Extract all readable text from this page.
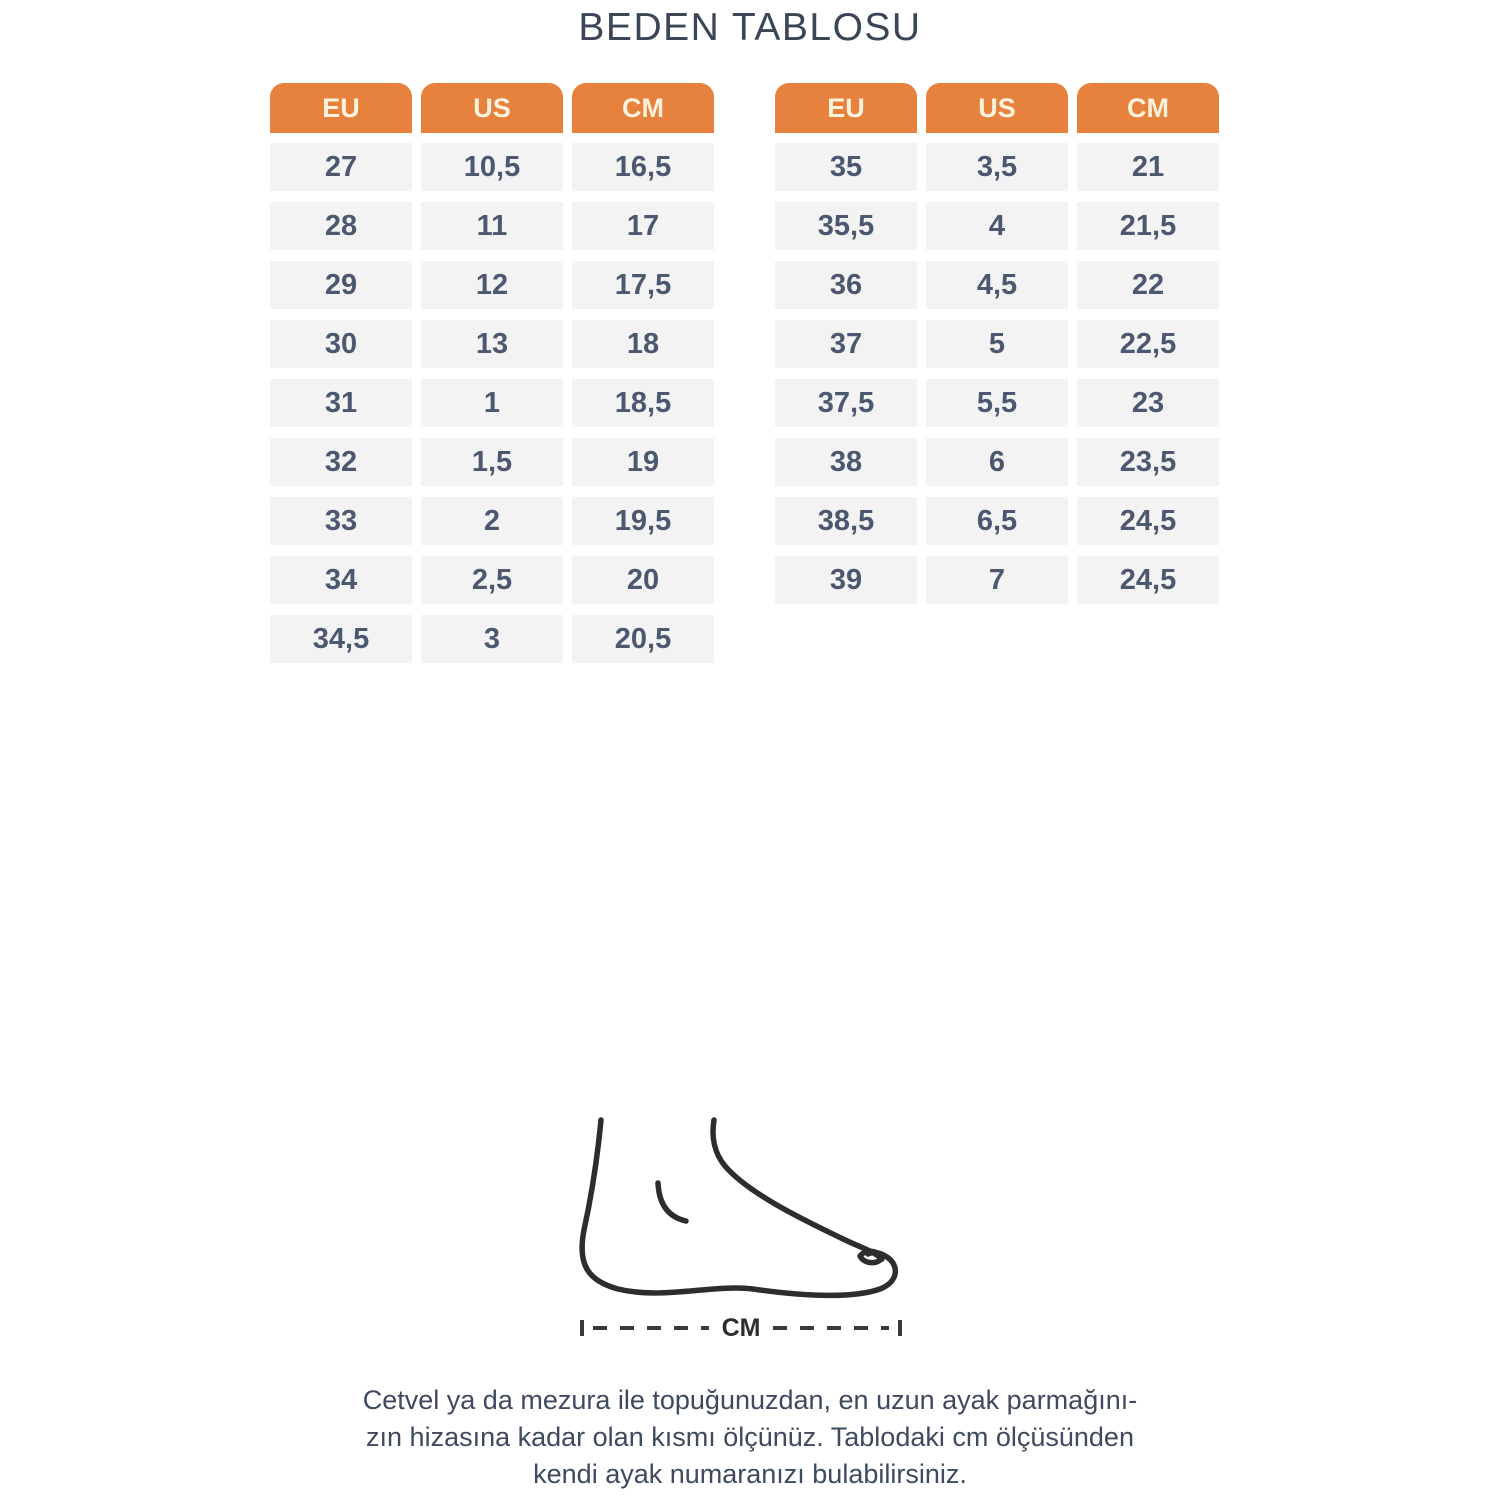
BEDEN TABLOSU
EU	US	CM
27	10,5	16,5
28	11	17
29	12	17,5
30	13	18
31	1	18,5
32	1,5	19
33	2	19,5
34	2,5	20
34,5	3	20,5
EU	US	CM
35	3,5	21
35,5	4	21,5
36	4,5	22
37	5	22,5
37,5	5,5	23
38	6	23,5
38,5	6,5	24,5
39	7	24,5
CM

Cetvel ya da mezura ile topuğunuzdan, en uzun ayak parmağını-

zın hizasına kadar olan kısmı ölçünüz. Tablodaki cm ölçüsünden

kendi ayak numaranızı bulabilirsiniz.
